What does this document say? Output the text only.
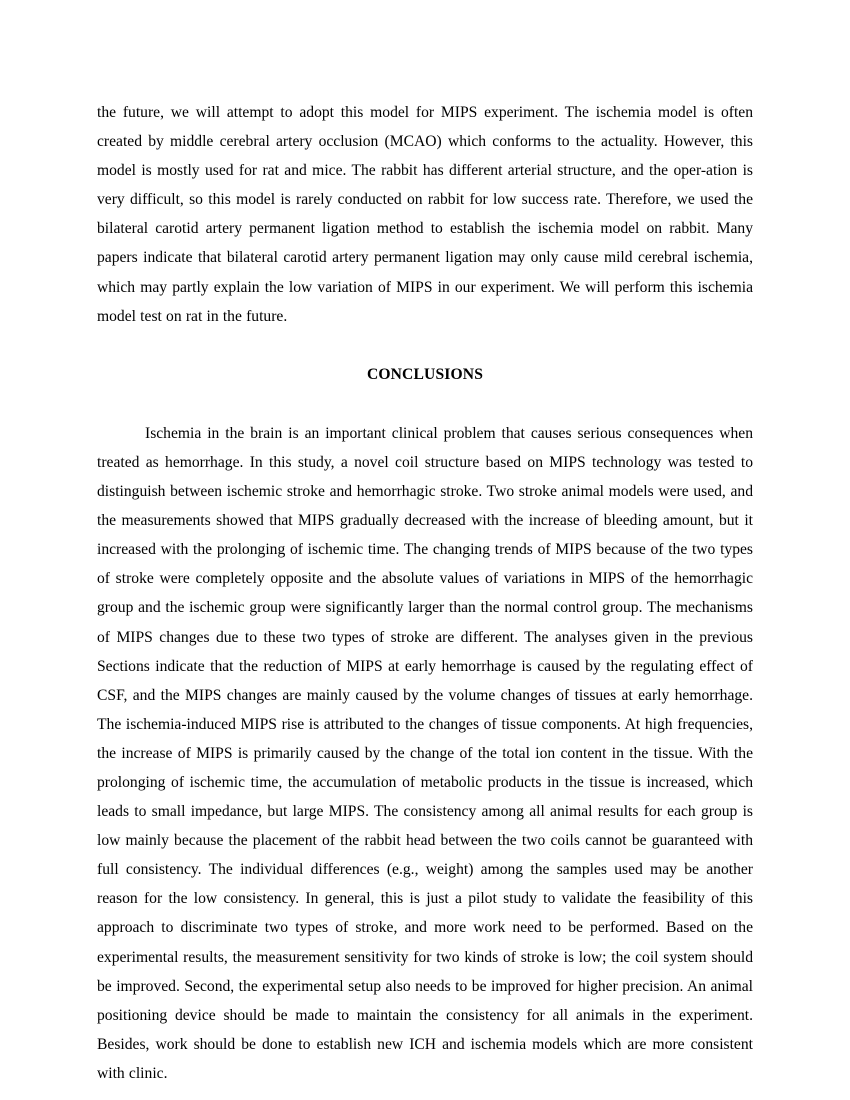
the future, we will attempt to adopt this model for MIPS experiment. The ischemia model is often created by middle cerebral artery occlusion (MCAO) which conforms to the actuality. However, this model is mostly used for rat and mice. The rabbit has different arterial structure, and the oper-ation is very difficult, so this model is rarely conducted on rabbit for low success rate. Therefore, we used the bilateral carotid artery permanent ligation method to establish the ischemia model on rabbit. Many papers indicate that bilateral carotid artery permanent ligation may only cause mild cerebral ischemia, which may partly explain the low variation of MIPS in our experiment. We will perform this ischemia model test on rat in the future.

CONCLUSIONS

Ischemia in the brain is an important clinical problem that causes serious consequences when treated as hemorrhage. In this study, a novel coil structure based on MIPS technology was tested to distinguish between ischemic stroke and hemorrhagic stroke. Two stroke animal models were used, and the measurements showed that MIPS gradually decreased with the increase of bleeding amount, but it increased with the prolonging of ischemic time. The changing trends of MIPS because of the two types of stroke were completely opposite and the absolute values of variations in MIPS of the hemorrhagic group and the ischemic group were significantly larger than the normal control group. The mechanisms of MIPS changes due to these two types of stroke are different. The analyses given in the previous Sections indicate that the reduction of MIPS at early hemorrhage is caused by the regulating effect of CSF, and the MIPS changes are mainly caused by the volume changes of tissues at early hemorrhage. The ischemia-induced MIPS rise is attributed to the changes of tissue components. At high frequencies, the increase of MIPS is primarily caused by the change of the total ion content in the tissue. With the prolonging of ischemic time, the accumulation of metabolic products in the tissue is increased, which leads to small impedance, but large MIPS. The consistency among all animal results for each group is low mainly because the placement of the rabbit head between the two coils cannot be guaranteed with full consistency. The individual differences (e.g., weight) among the samples used may be another reason for the low consistency. In general, this is just a pilot study to validate the feasibility of this approach to discriminate two types of stroke, and more work need to be performed. Based on the experimental results, the measurement sensitivity for two kinds of stroke is low; the coil system should be improved. Second, the experimental setup also needs to be improved for higher precision. An animal positioning device should be made to maintain the consistency for all animals in the experiment. Besides, work should be done to establish new ICH and ischemia models which are more consistent with clinic.
